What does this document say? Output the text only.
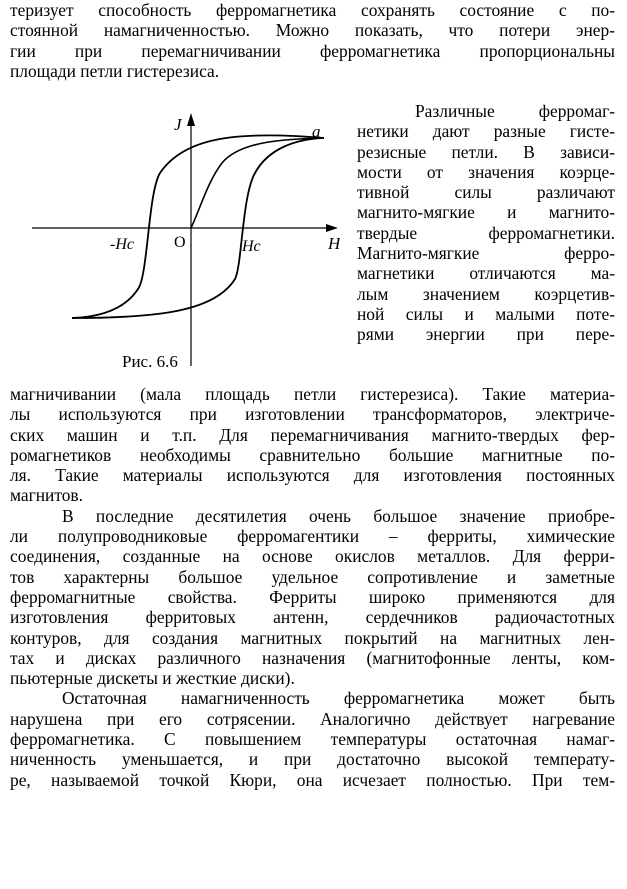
теризует способность ферромагнетика сохранять состояние с по-
стоянной намагниченностью. Можно показать, что потери энер-
гии при перемагничивании ферромагнетика пропорциональны
площади петли гистерезиса.
J	a
-Hc	O	Hc	H
Рис. 6.6
Различные ферромаг-
нетики дают разные гисте-
резисные петли. В зависи-
мости от значения коэрце-
тивной силы различают
магнито-мягкие и магнито-
твердые ферромагнетики.
Магнито-мягкие ферро-
магнетики отличаются ма-
лым значением коэрцетив-
ной силы и малыми поте-
рями энергии при пере-
магничивании (мала площадь петли гистерезиса). Такие материа-
лы используются при изготовлении трансформаторов, электриче-
ских машин и т.п. Для перемагничивания магнито-твердых фер-
ромагнетиков необходимы сравнительно большие магнитные по-
ля. Такие материалы используются для изготовления постоянных
магнитов.
В последние десятилетия очень большое значение приобре-
ли полупроводниковые ферромагентики – ферриты, химические
соединения, созданные на основе окислов металлов. Для ферри-
тов характерны большое удельное сопротивление и заметные
ферромагнитные свойства. Ферриты широко применяются для
изготовления ферритовых антенн, сердечников радиочастотных
контуров, для создания магнитных покрытий на магнитных лен-
тах и дисках различного назначения (магнитофонные ленты, ком-
пьютерные дискеты и жесткие диски).
Остаточная намагниченность ферромагнетика может быть
нарушена при его сотрясении. Аналогично действует нагревание
ферромагнетика. С повышением температуры остаточная намаг-
ниченность уменьшается, и при достаточно высокой температу-
ре, называемой точкой Кюри, она исчезает полностью. При тем-
